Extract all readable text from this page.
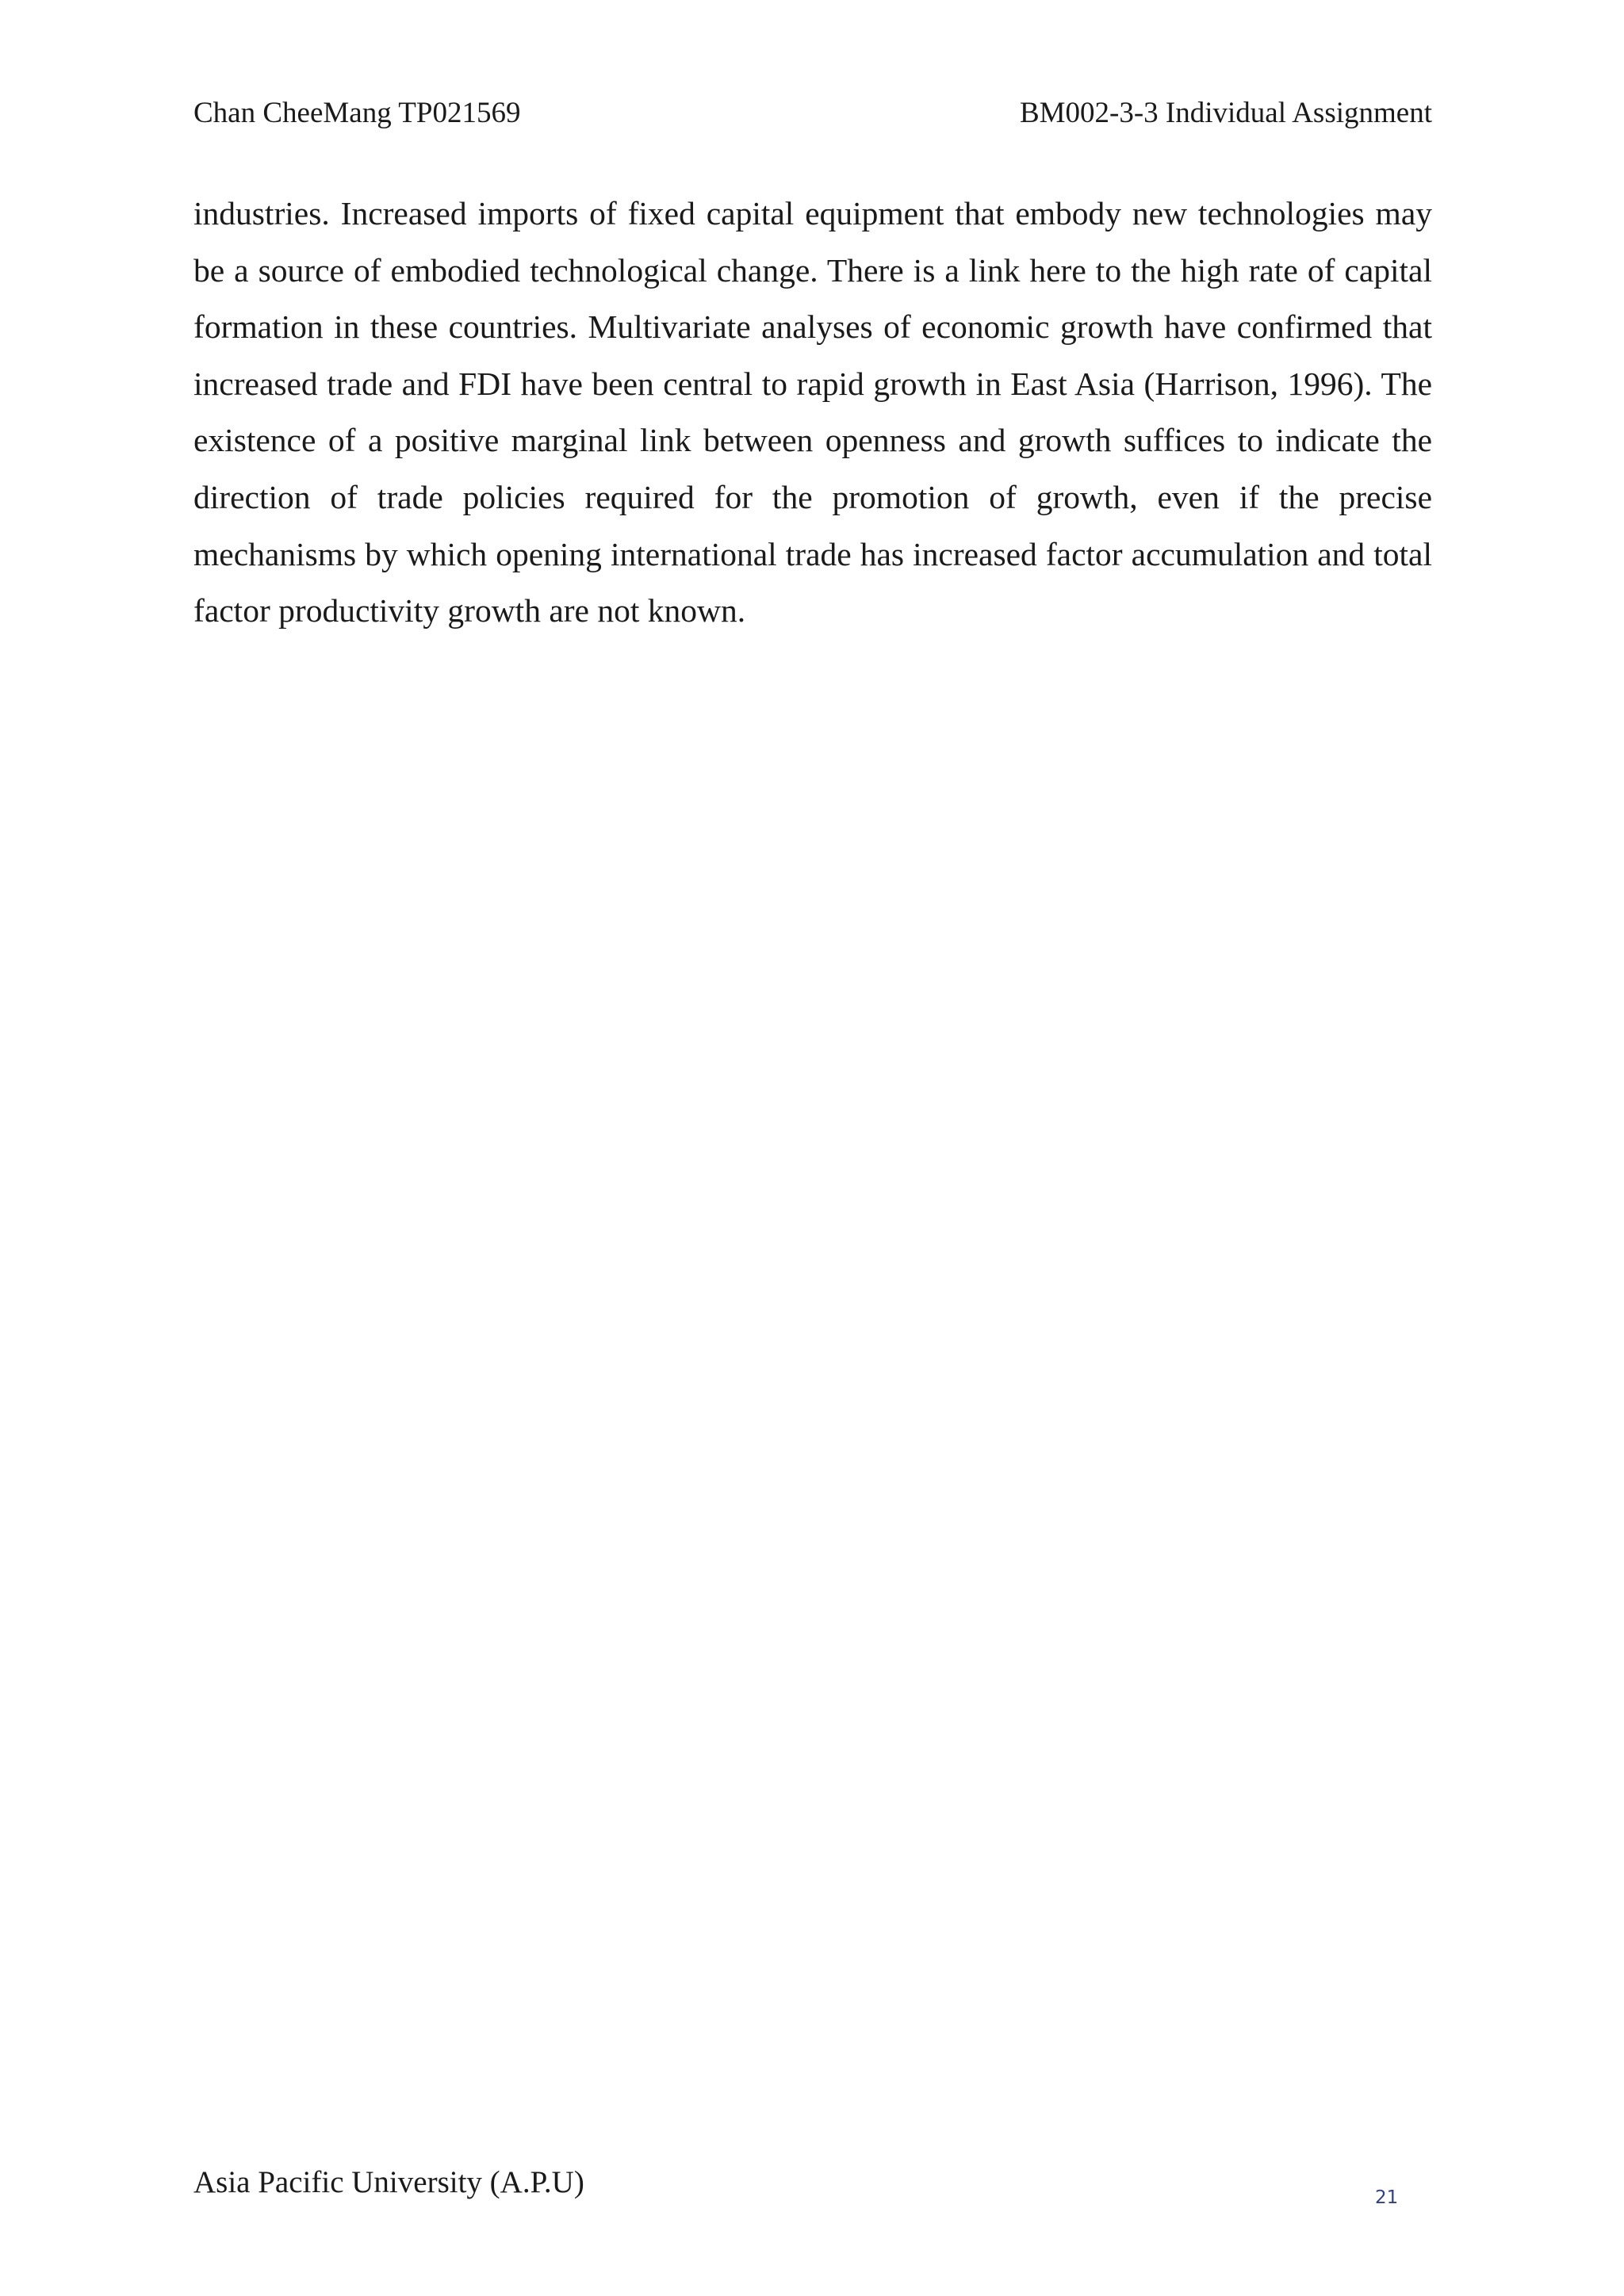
Chan CheeMang TP021569	BM002-3-3 Individual Assignment

industries. Increased imports of fixed capital equipment that embody new technologies may be a source of embodied technological change. There is a link here to the high rate of capital formation in these countries. Multivariate analyses of economic growth have confirmed that increased trade and FDI have been central to rapid growth in East Asia (Harrison, 1996). The existence of a positive marginal link between openness and growth suffices to indicate the direction of trade policies required for the promotion of growth, even if the precise mechanisms by which opening international trade has increased factor accumulation and total factor productivity growth are not known.

Asia Pacific University (A.P.U)	21
